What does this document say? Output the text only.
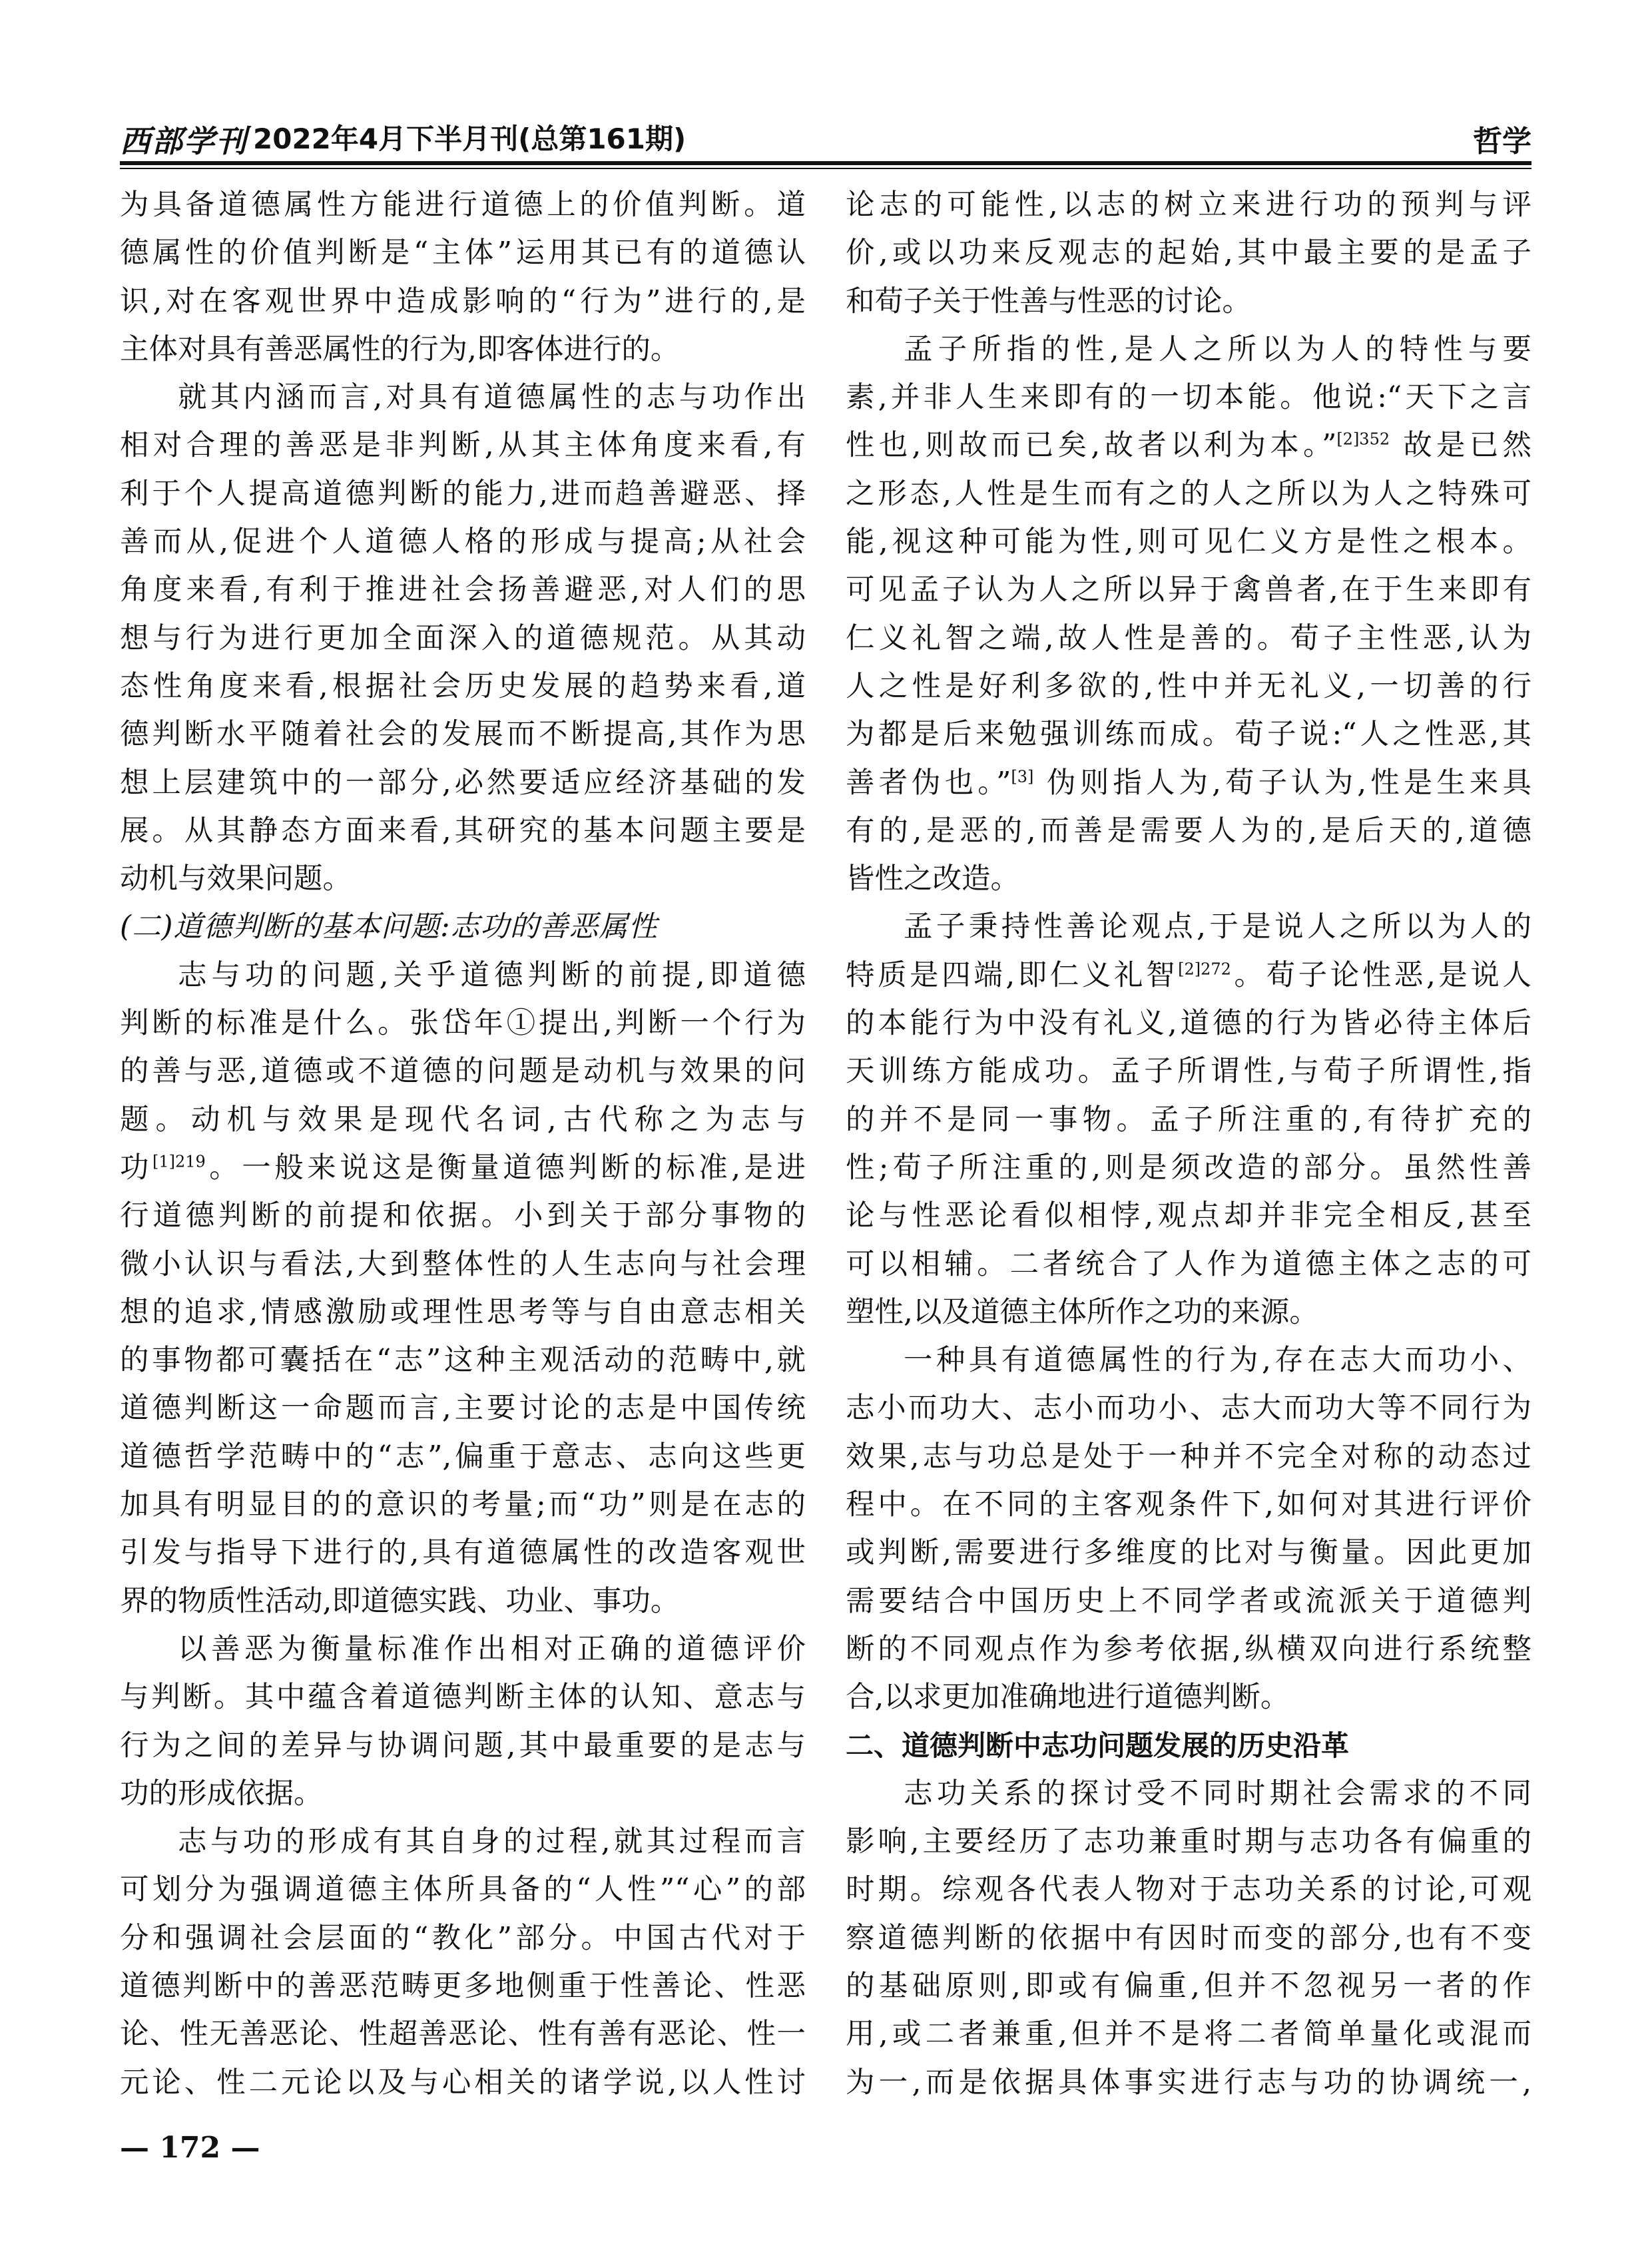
西部学刊 2022年4月下半月刊(总第161期)	哲学
为具备道德属性方能进行道德上的价值判断。道
德属性的价值判断是“主体”运用其已有的道德认
识,对在客观世界中造成影响的“行为”进行的,是
主体对具有善恶属性的行为,即客体进行的。
就其内涵而言,对具有道德属性的志与功作出
相对合理的善恶是非判断,从其主体角度来看,有
利于个人提高道德判断的能力,进而趋善避恶、择
善而从,促进个人道德人格的形成与提高;从社会
角度来看,有利于推进社会扬善避恶,对人们的思
想与行为进行更加全面深入的道德规范。从其动
态性角度来看,根据社会历史发展的趋势来看,道
德判断水平随着社会的发展而不断提高,其作为思
想上层建筑中的一部分,必然要适应经济基础的发
展。从其静态方面来看,其研究的基本问题主要是
动机与效果问题。
(二)道德判断的基本问题:志功的善恶属性
志与功的问题,关乎道德判断的前提,即道德
判断的标准是什么。张岱年①提出,判断一个行为
的善与恶,道德或不道德的问题是动机与效果的问
题。动机与效果是现代名词,古代称之为志与
功$^{[1]219}$。一般来说这是衡量道德判断的标准,是进
行道德判断的前提和依据。小到关于部分事物的
微小认识与看法,大到整体性的人生志向与社会理
想的追求,情感激励或理性思考等与自由意志相关
的事物都可囊括在“志”这种主观活动的范畴中,就
道德判断这一命题而言,主要讨论的志是中国传统
道德哲学范畴中的“志”,偏重于意志、志向这些更
加具有明显目的的意识的考量;而“功”则是在志的
引发与指导下进行的,具有道德属性的改造客观世
界的物质性活动,即道德实践、功业、事功。
以善恶为衡量标准作出相对正确的道德评价
与判断。其中蕴含着道德判断主体的认知、意志与
行为之间的差异与协调问题,其中最重要的是志与
功的形成依据。
志与功的形成有其自身的过程,就其过程而言
可划分为强调道德主体所具备的“人性”“心”的部
分和强调社会层面的“教化”部分。中国古代对于
道德判断中的善恶范畴更多地侧重于性善论、性恶
论、性无善恶论、性超善恶论、性有善有恶论、性一
元论、性二元论以及与心相关的诸学说,以人性讨
论志的可能性,以志的树立来进行功的预判与评
价,或以功来反观志的起始,其中最主要的是孟子
和荀子关于性善与性恶的讨论。
孟子所指的性,是人之所以为人的特性与要
素,并非人生来即有的一切本能。他说:“天下之言
性也,则故而已矣,故者以利为本。”$^{[2]352}$ 故是已然
之形态,人性是生而有之的人之所以为人之特殊可
能,视这种可能为性,则可见仁义方是性之根本。
可见孟子认为人之所以异于禽兽者,在于生来即有
仁义礼智之端,故人性是善的。荀子主性恶,认为
人之性是好利多欲的,性中并无礼义,一切善的行
为都是后来勉强训练而成。荀子说:“人之性恶,其
善者伪也。”[3] 伪则指人为,荀子认为,性是生来具
有的,是恶的,而善是需要人为的,是后天的,道德
皆性之改造。
孟子秉持性善论观点,于是说人之所以为人的
特质是四端,即仁义礼智$^{[2]272}$。荀子论性恶,是说人
的本能行为中没有礼义,道德的行为皆必待主体后
天训练方能成功。孟子所谓性,与荀子所谓性,指
的并不是同一事物。孟子所注重的,有待扩充的
性;荀子所注重的,则是须改造的部分。虽然性善
论与性恶论看似相悖,观点却并非完全相反,甚至
可以相辅。二者统合了人作为道德主体之志的可
塑性,以及道德主体所作之功的来源。
一种具有道德属性的行为,存在志大而功小、
志小而功大、志小而功小、志大而功大等不同行为
效果,志与功总是处于一种并不完全对称的动态过
程中。在不同的主客观条件下,如何对其进行评价
或判断,需要进行多维度的比对与衡量。因此更加
需要结合中国历史上不同学者或流派关于道德判
断的不同观点作为参考依据,纵横双向进行系统整
合,以求更加准确地进行道德判断。
二、道德判断中志功问题发展的历史沿革
志功关系的探讨受不同时期社会需求的不同
影响,主要经历了志功兼重时期与志功各有偏重的
时期。综观各代表人物对于志功关系的讨论,可观
察道德判断的依据中有因时而变的部分,也有不变
的基础原则,即或有偏重,但并不忽视另一者的作
用,或二者兼重,但并不是将二者简单量化或混而
为一,而是依据具体事实进行志与功的协调统一,
— 172 —
